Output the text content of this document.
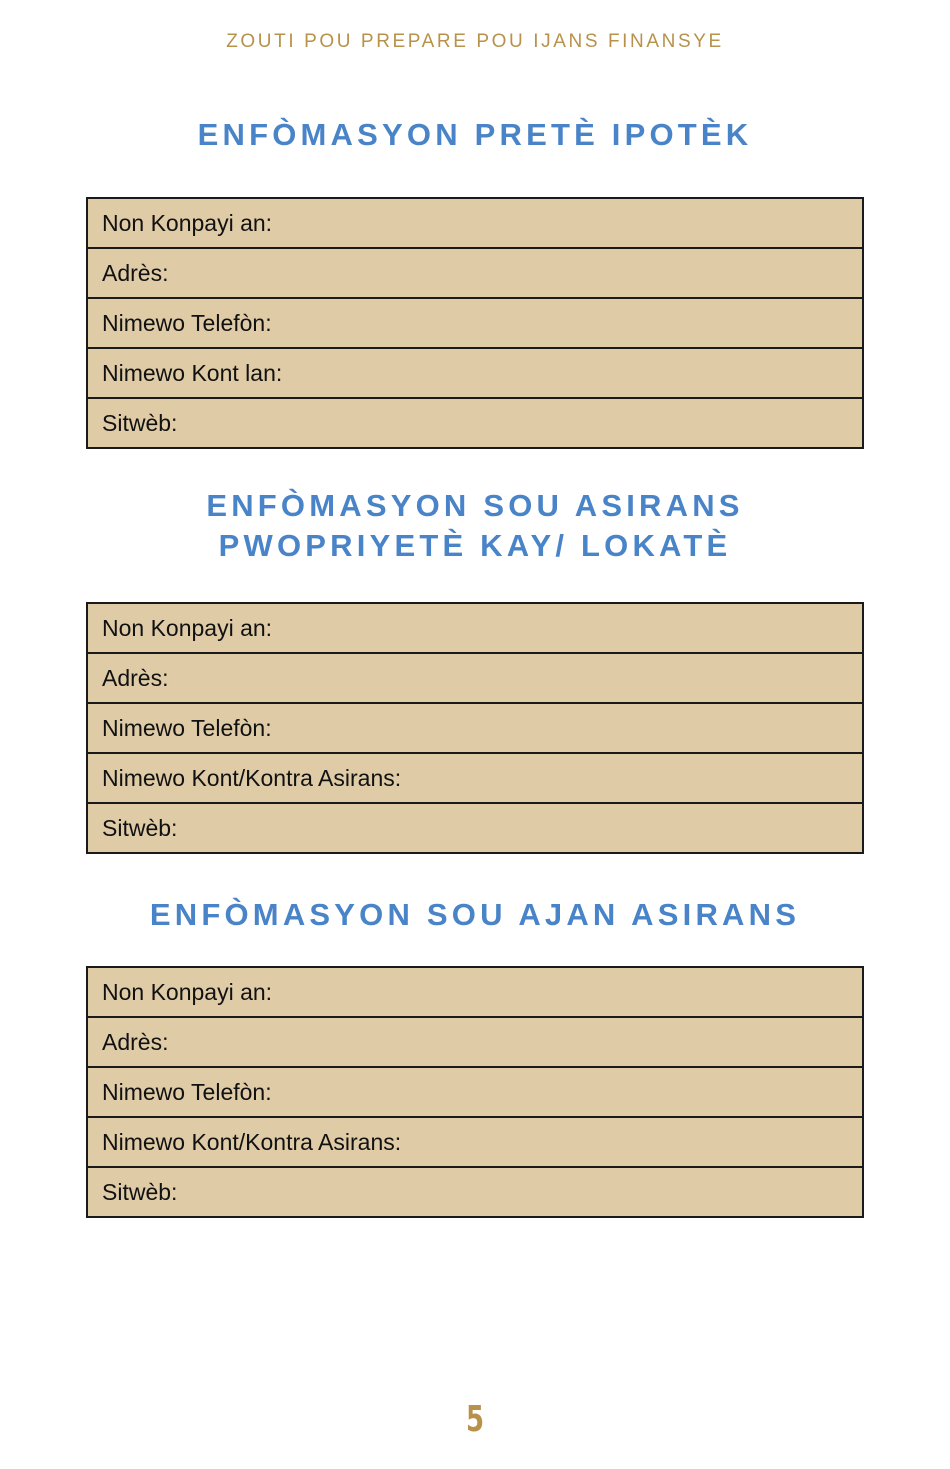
ZOUTI POU PREPARE POU IJANS FINANSYE
ENFÒMASYON PRETÈ IPOTÈK
Non Konpayi an:
Adrès:
Nimewo Telefòn:
Nimewo Kont lan:
Sitwèb:
ENFÒMASYON SOU ASIRANS
PWOPRIYETÈ KAY/ LOKATÈ
Non Konpayi an:
Adrès:
Nimewo Telefòn:
Nimewo Kont/Kontra Asirans:
Sitwèb:
ENFÒMASYON SOU AJAN ASIRANS
Non Konpayi an:
Adrès:
Nimewo Telefòn:
Nimewo Kont/Kontra Asirans:
Sitwèb:
5
